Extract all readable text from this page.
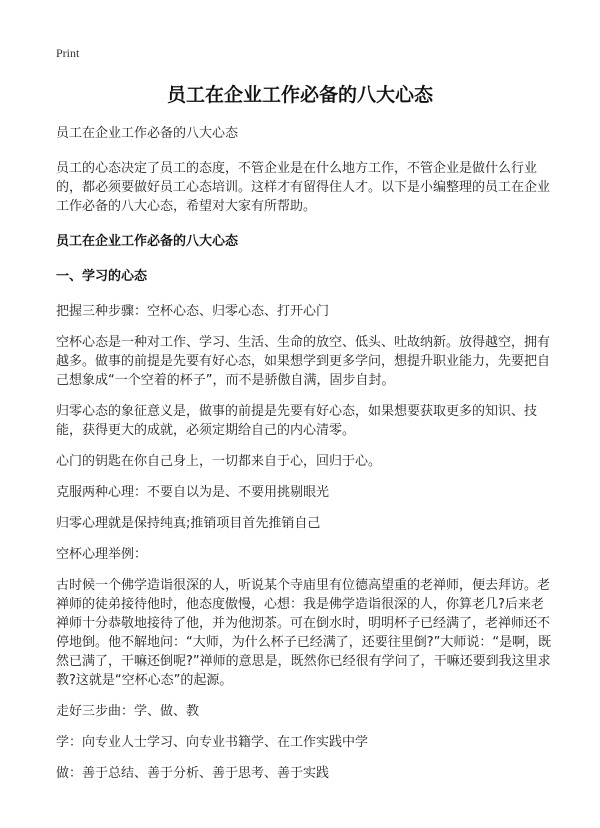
Print
员工在企业工作必备的八大心态

员工在企业工作必备的八大心态

员工的心态决定了员工的态度，不管企业是在什么地方工作，不管企业是做什么行业的，都必须要做好员工心态培训。这样才有留得住人才。以下是小编整理的员工在企业工作必备的八大心态，希望对大家有所帮助。

员工在企业工作必备的八大心态

一、学习的心态

把握三种步骤：空杯心态、归零心态、打开心门

空杯心态是一种对工作、学习、生活、生命的放空、低头、吐故纳新。放得越空，拥有越多。做事的前提是先要有好心态，如果想学到更多学问，想提升职业能力，先要把自己想象成“一个空着的杯子”，而不是骄傲自满，固步自封。

归零心态的象征意义是，做事的前提是先要有好心态，如果想要获取更多的知识、技能，获得更大的成就，必须定期给自己的内心清零。

心门的钥匙在你自己身上，一切都来自于心，回归于心。

克服两种心理：不要自以为是、不要用挑剔眼光

归零心理就是保持纯真;推销项目首先推销自己

空杯心理举例：

古时候一个佛学造诣很深的人，听说某个寺庙里有位德高望重的老禅师，便去拜访。老禅师的徒弟接待他时，他态度傲慢，心想：我是佛学造诣很深的人，你算老几?后来老禅师十分恭敬地接待了他，并为他沏茶。可在倒水时，明明杯子已经满了，老禅师还不停地倒。他不解地问：“大师，为什么杯子已经满了，还要往里倒?”大师说：“是啊，既然已满了，干嘛还倒呢?”禅师的意思是，既然你已经很有学问了，干嘛还要到我这里求教?这就是“空杯心态”的起源。

走好三步曲：学、做、教

学：向专业人士学习、向专业书籍学、在工作实践中学

做：善于总结、善于分析、善于思考、善于实践
